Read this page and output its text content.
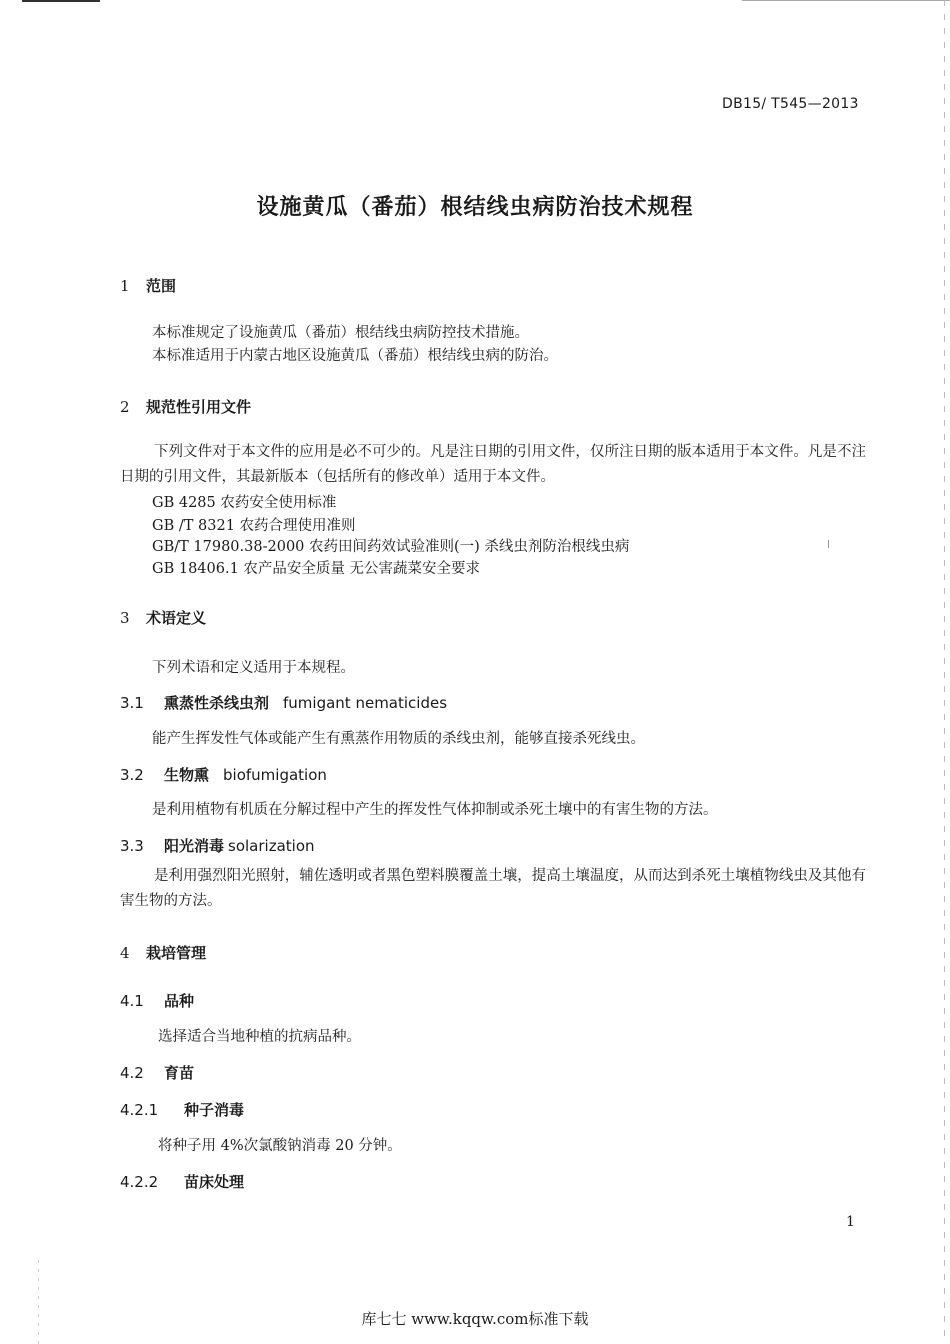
DB15/ T545—2013
设施黄瓜（番茄）根结线虫病防治技术规程
1 范围
本标准规定了设施黄瓜（番茄）根结线虫病防控技术措施。
本标准适用于内蒙古地区设施黄瓜（番茄）根结线虫病的防治。
2 规范性引用文件
下列文件对于本文件的应用是必不可少的。凡是注日期的引用文件，仅所注日期的版本适用于本文件。凡是不注日期的引用文件，其最新版本（包括所有的修改单）适用于本文件。
GB 4285 农药安全使用标准
GB /T 8321 农药合理使用准则
GB/T 17980.38-2000 农药田间药效试验准则(一) 杀线虫剂防治根线虫病
GB 18406.1 农产品安全质量 无公害蔬菜安全要求
3 术语定义
下列术语和定义适用于本规程。
3.1 熏蒸性杀线虫剂 fumigant nematicides
能产生挥发性气体或能产生有熏蒸作用物质的杀线虫剂，能够直接杀死线虫。
3.2 生物熏 biofumigation
是利用植物有机质在分解过程中产生的挥发性气体抑制或杀死土壤中的有害生物的方法。
3.3 阳光消毒 solarization
是利用强烈阳光照射，辅佐透明或者黑色塑料膜覆盖土壤，提高土壤温度，从而达到杀死土壤植物线虫及其他有害生物的方法。
4 栽培管理
4.1 品种
选择适合当地种植的抗病品种。
4.2 育苗
4.2.1 种子消毒
将种子用 4%次氯酸钠消毒 20 分钟。
4.2.2 苗床处理
1
库七七 www.kqqw.com标准下载
